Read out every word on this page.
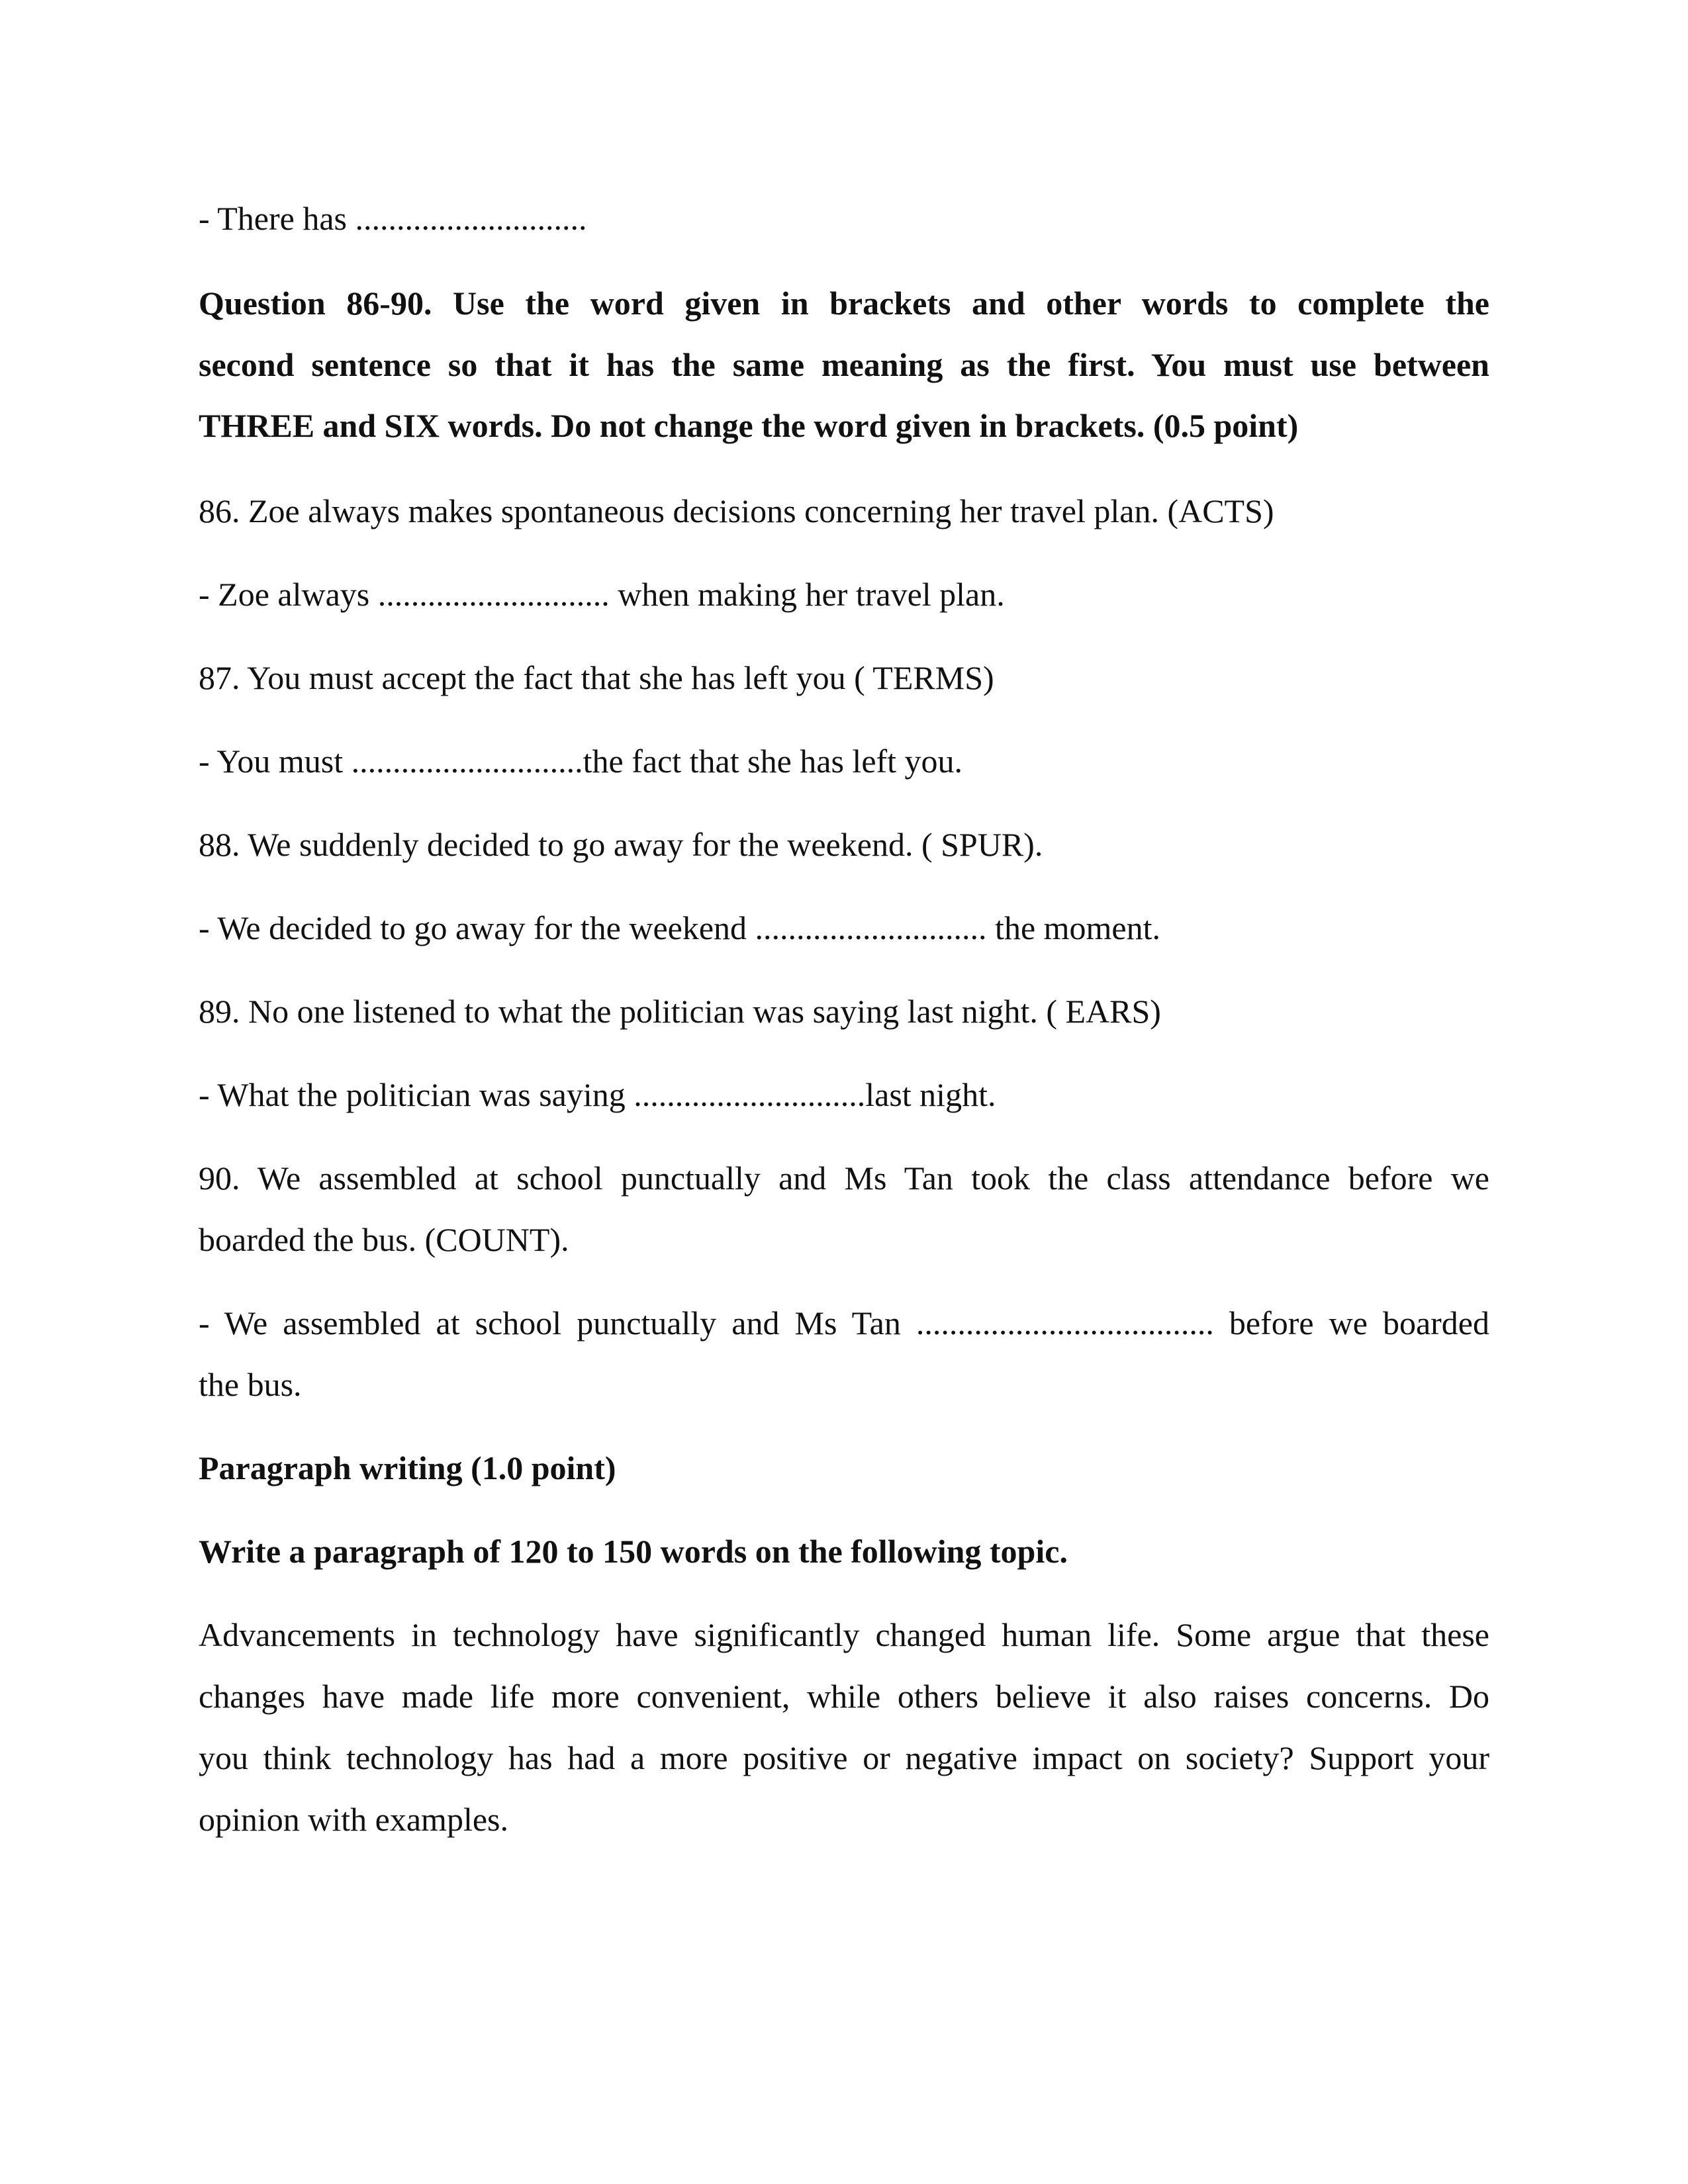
- There has ............................

Question 86-90. Use the word given in brackets and other words to complete the

second sentence so that it has the same meaning as the first. You must use between

THREE and SIX words. Do not change the word given in brackets. (0.5 point)

86. Zoe always makes spontaneous decisions concerning her travel plan. (ACTS)

- Zoe always ............................ when making her travel plan.

87. You must accept the fact that she has left you ( TERMS)

- You must ............................the fact that she has left you.

88. We suddenly decided to go away for the weekend. ( SPUR).

- We decided to go away for the weekend ............................ the moment.

89. No one listened to what the politician was saying last night. ( EARS)

- What the politician was saying ............................last night.

90. We assembled at school punctually and Ms Tan took the class attendance before we

boarded the bus. (COUNT).

- We assembled at school punctually and Ms Tan .................................... before we boarded

the bus.

Paragraph writing (1.0 point)

Write a paragraph of 120 to 150 words on the following topic.

Advancements in technology have significantly changed human life. Some argue that these

changes have made life more convenient, while others believe it also raises concerns. Do

you think technology has had a more positive or negative impact on society? Support your

opinion with examples.
